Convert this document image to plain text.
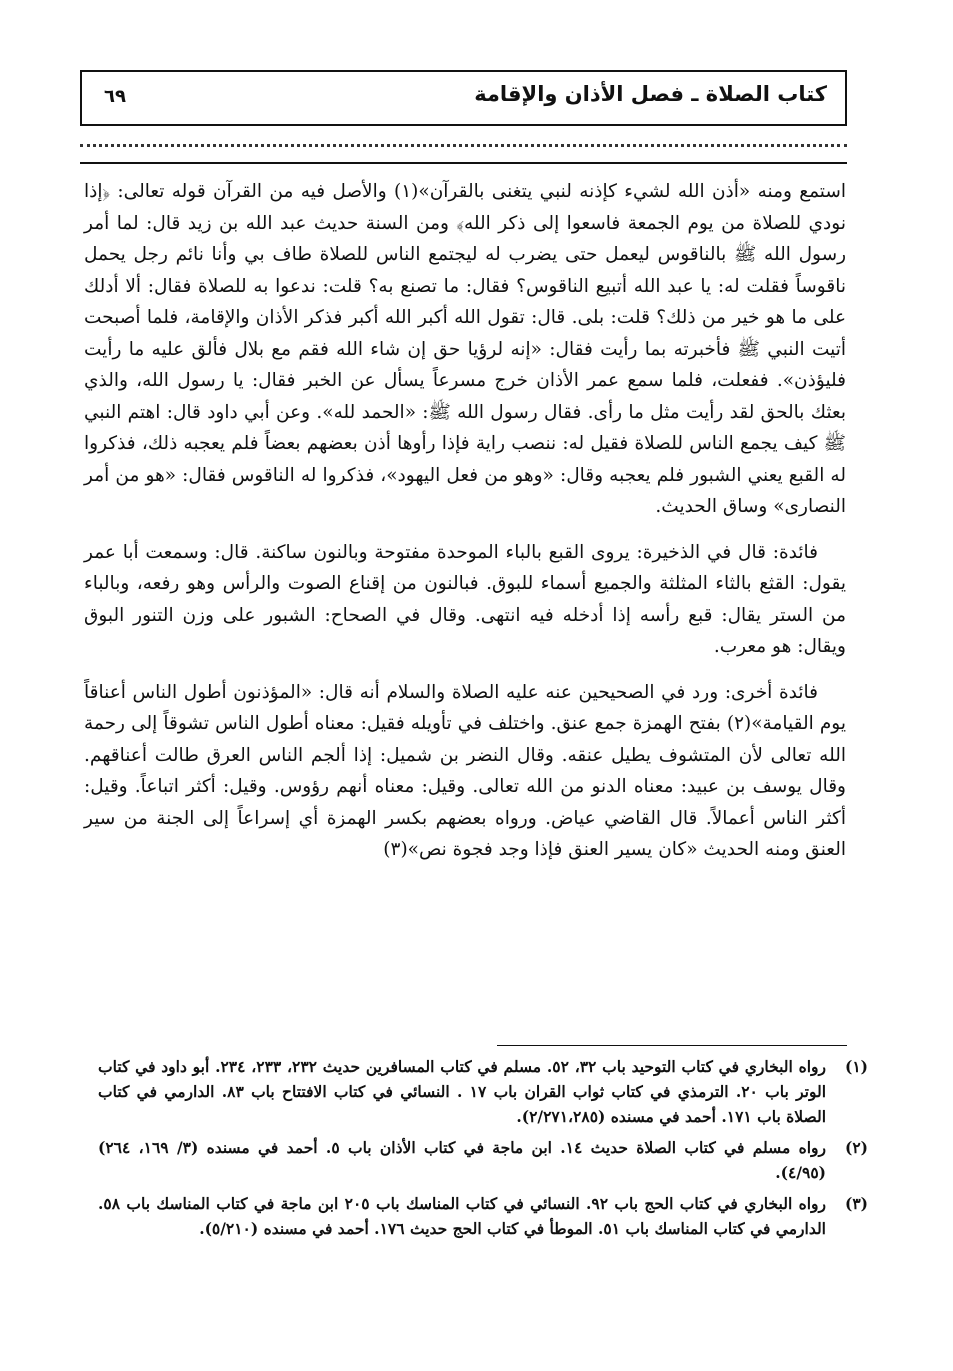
كتاب الصلاة ـ فصل الأذان والإقامة
٦٩

استمع ومنه «أذن الله لشيء كإذنه لنبي يتغنى بالقرآن»(١) والأصل فيه من القرآن قوله تعالى: ﴿إذا نودي للصلاة من يوم الجمعة فاسعوا إلى ذكر الله﴾ ومن السنة حديث عبد الله بن زيد قال: لما أمر رسول الله ﷺ بالناقوس ليعمل حتى يضرب له ليجتمع الناس للصلاة طاف بي وأنا نائم رجل يحمل ناقوساً فقلت له: يا عبد الله أتبيع الناقوس؟ فقال: ما تصنع به؟ قلت: ندعوا به للصلاة فقال: ألا أدلك على ما هو خير من ذلك؟ قلت: بلى. قال: تقول الله أكبر الله أكبر فذكر الأذان والإقامة، فلما أصبحت أتيت النبي ﷺ فأخبرته بما رأيت فقال: «إنه لرؤيا حق إن شاء الله فقم مع بلال فألق عليه ما رأيت فليؤذن». ففعلت، فلما سمع عمر الأذان خرج مسرعاً يسأل عن الخبر فقال: يا رسول الله، والذي بعثك بالحق لقد رأيت مثل ما رأى. فقال رسول الله ﷺ: «الحمد لله». وعن أبي داود قال: اهتم النبي ﷺ كيف يجمع الناس للصلاة فقيل له: ننصب راية فإذا رأوها أذن بعضهم بعضاً فلم يعجبه ذلك، فذكروا له القبع يعني الشبور فلم يعجبه وقال: «وهو من فعل اليهود»، فذكروا له الناقوس فقال: «هو من أمر النصارى» وساق الحديث.

فائدة: قال في الذخيرة: يروى القبع بالباء الموحدة مفتوحة وبالنون ساكنة. قال: وسمعت أبا عمر يقول: القثع بالثاء المثلثة والجميع أسماء للبوق. فبالنون من إقناع الصوت والرأس وهو رفعه، وبالباء من الستر يقال: قبع رأسه إذا أدخله فيه انتهى. وقال في الصحاح: الشبور على وزن التنور البوق ويقال: هو معرب.

فائدة أخرى: ورد في الصحيحين عنه عليه الصلاة والسلام أنه قال: «المؤذنون أطول الناس أعناقاً يوم القيامة»(٢) بفتح الهمزة جمع عنق. واختلف في تأويله فقيل: معناه أطول الناس تشوقاً إلى رحمة الله تعالى لأن المتشوف يطيل عنقه. وقال النضر بن شميل: إذا ألجم الناس العرق طالت أعناقهم. وقال يوسف بن عبيد: معناه الدنو من الله تعالى. وقيل: معناه أنهم رؤوس. وقيل: أكثر اتباعاً. وقيل: أكثر الناس أعمالاً. قال القاضي عياض. ورواه بعضهم بكسر الهمزة أي إسراعاً إلى الجنة من سير العنق ومنه الحديث «كان يسير العنق فإذا وجد فجوة نص»(٣)

(١)
رواه البخاري في كتاب التوحيد باب ٣٢، ٥٢. مسلم في كتاب المسافرين حديث ٢٣٢، ٢٣٣، ٢٣٤. أبو داود في كتاب الوتر باب ٢٠. الترمذي في كتاب ثواب القران باب ١٧ . النسائي في كتاب الافتتاح باب ٨٣. الدارمي في كتاب الصلاة باب ١٧١. أحمد في مسنده (٢/٢٧١،٢٨٥).
(٢)
رواه مسلم في كتاب الصلاة حديث ١٤. ابن ماجة في كتاب الأذان باب ٥. أحمد في مسنده (٣/ ١٦٩، ٢٦٤) (٤/٩٥).
(٣)
رواه البخاري في كتاب الحج باب ٩٢. النسائي في كتاب المناسك باب ٢٠٥ ابن ماجة في كتاب المناسك باب ٥٨. الدارمي في كتاب المناسك باب ٥١. الموطأ في كتاب الحج حديث ١٧٦. أحمد في مسنده (٥/٢١٠).
